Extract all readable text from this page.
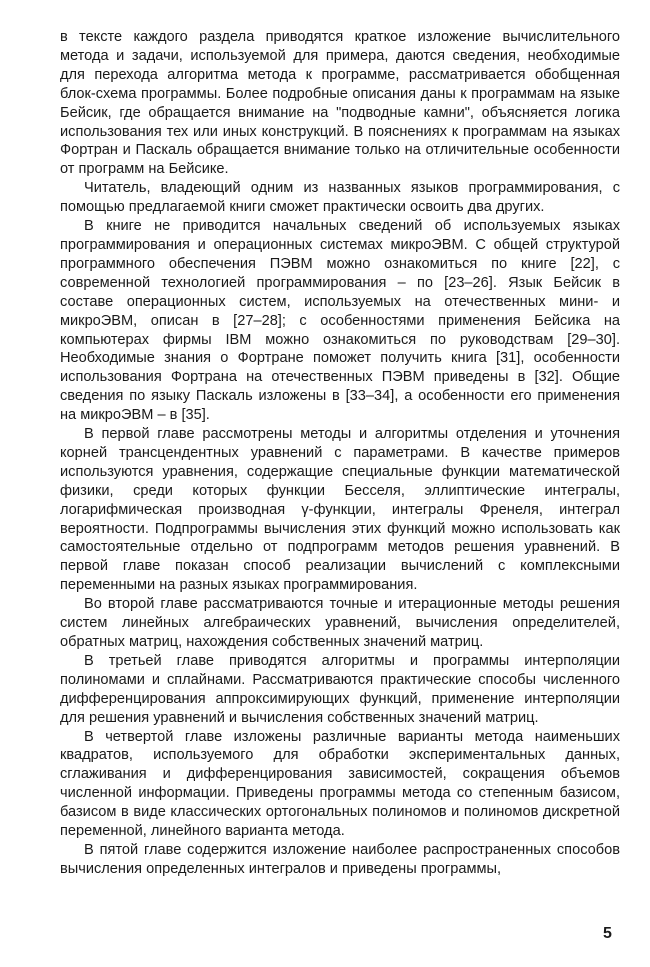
в тексте каждого раздела приводятся краткое изложение вычислительного метода и задачи, используемой для примера, даются сведения, необходимые для перехода алгоритма метода к программе, рассматривается обобщенная блок-схема программы. Более подробные описания даны к программам на языке Бейсик, где обращается внимание на "подводные камни", объясняется логика использования тех или иных конструкций. В пояснениях к программам на языках Фортран и Паскаль обращается внимание только на отличительные особенности от программ на Бейсике.

Читатель, владеющий одним из названных языков программирования, с помощью предлагаемой книги сможет практически освоить два других.

В книге не приводится начальных сведений об используемых языках программирования и операционных системах микроЭВМ. С общей структурой программного обеспечения ПЭВМ можно ознакомиться по книге [22], с современной технологией программирования – по [23–26]. Язык Бейсик в составе операционных систем, используемых на отечественных мини- и микроЭВМ, описан в [27–28]; с особенностями применения Бейсика на компьютерах фирмы IBM можно ознакомиться по руководствам [29–30]. Необходимые знания о Фортране поможет получить книга [31], особенности использования Фортрана на отечественных ПЭВМ приведены в [32]. Общие сведения по языку Паскаль изложены в [33–34], а особенности его применения на микроЭВМ – в [35].

В первой главе рассмотрены методы и алгоритмы отделения и уточнения корней трансцендентных уравнений с параметрами. В качестве примеров используются уравнения, содержащие специальные функции математической физики, среди которых функции Бесселя, эллиптические интегралы, логарифмическая производная γ-функции, интегралы Френеля, интеграл вероятности. Подпрограммы вычисления этих функций можно использовать как самостоятельные отдельно от подпрограмм методов решения уравнений. В первой главе показан способ реализации вычислений с комплексными переменными на разных языках программирования.

Во второй главе рассматриваются точные и итерационные методы решения систем линейных алгебраических уравнений, вычисления определителей, обратных матриц, нахождения собственных значений матриц.

В третьей главе приводятся алгоритмы и программы интерполяции полиномами и сплайнами. Рассматриваются практические способы численного дифференцирования аппроксимирующих функций, применение интерполяции для решения уравнений и вычисления собственных значений матриц.

В четвертой главе изложены различные варианты метода наименьших квадратов, используемого для обработки экспериментальных данных, сглаживания и дифференцирования зависимостей, сокращения объемов численной информации. Приведены программы метода со степенным базисом, базисом в виде классических ортогональных полиномов и полиномов дискретной переменной, линейного варианта метода.

В пятой главе содержится изложение наиболее распространенных способов вычисления определенных интегралов и приведены программы,

5
